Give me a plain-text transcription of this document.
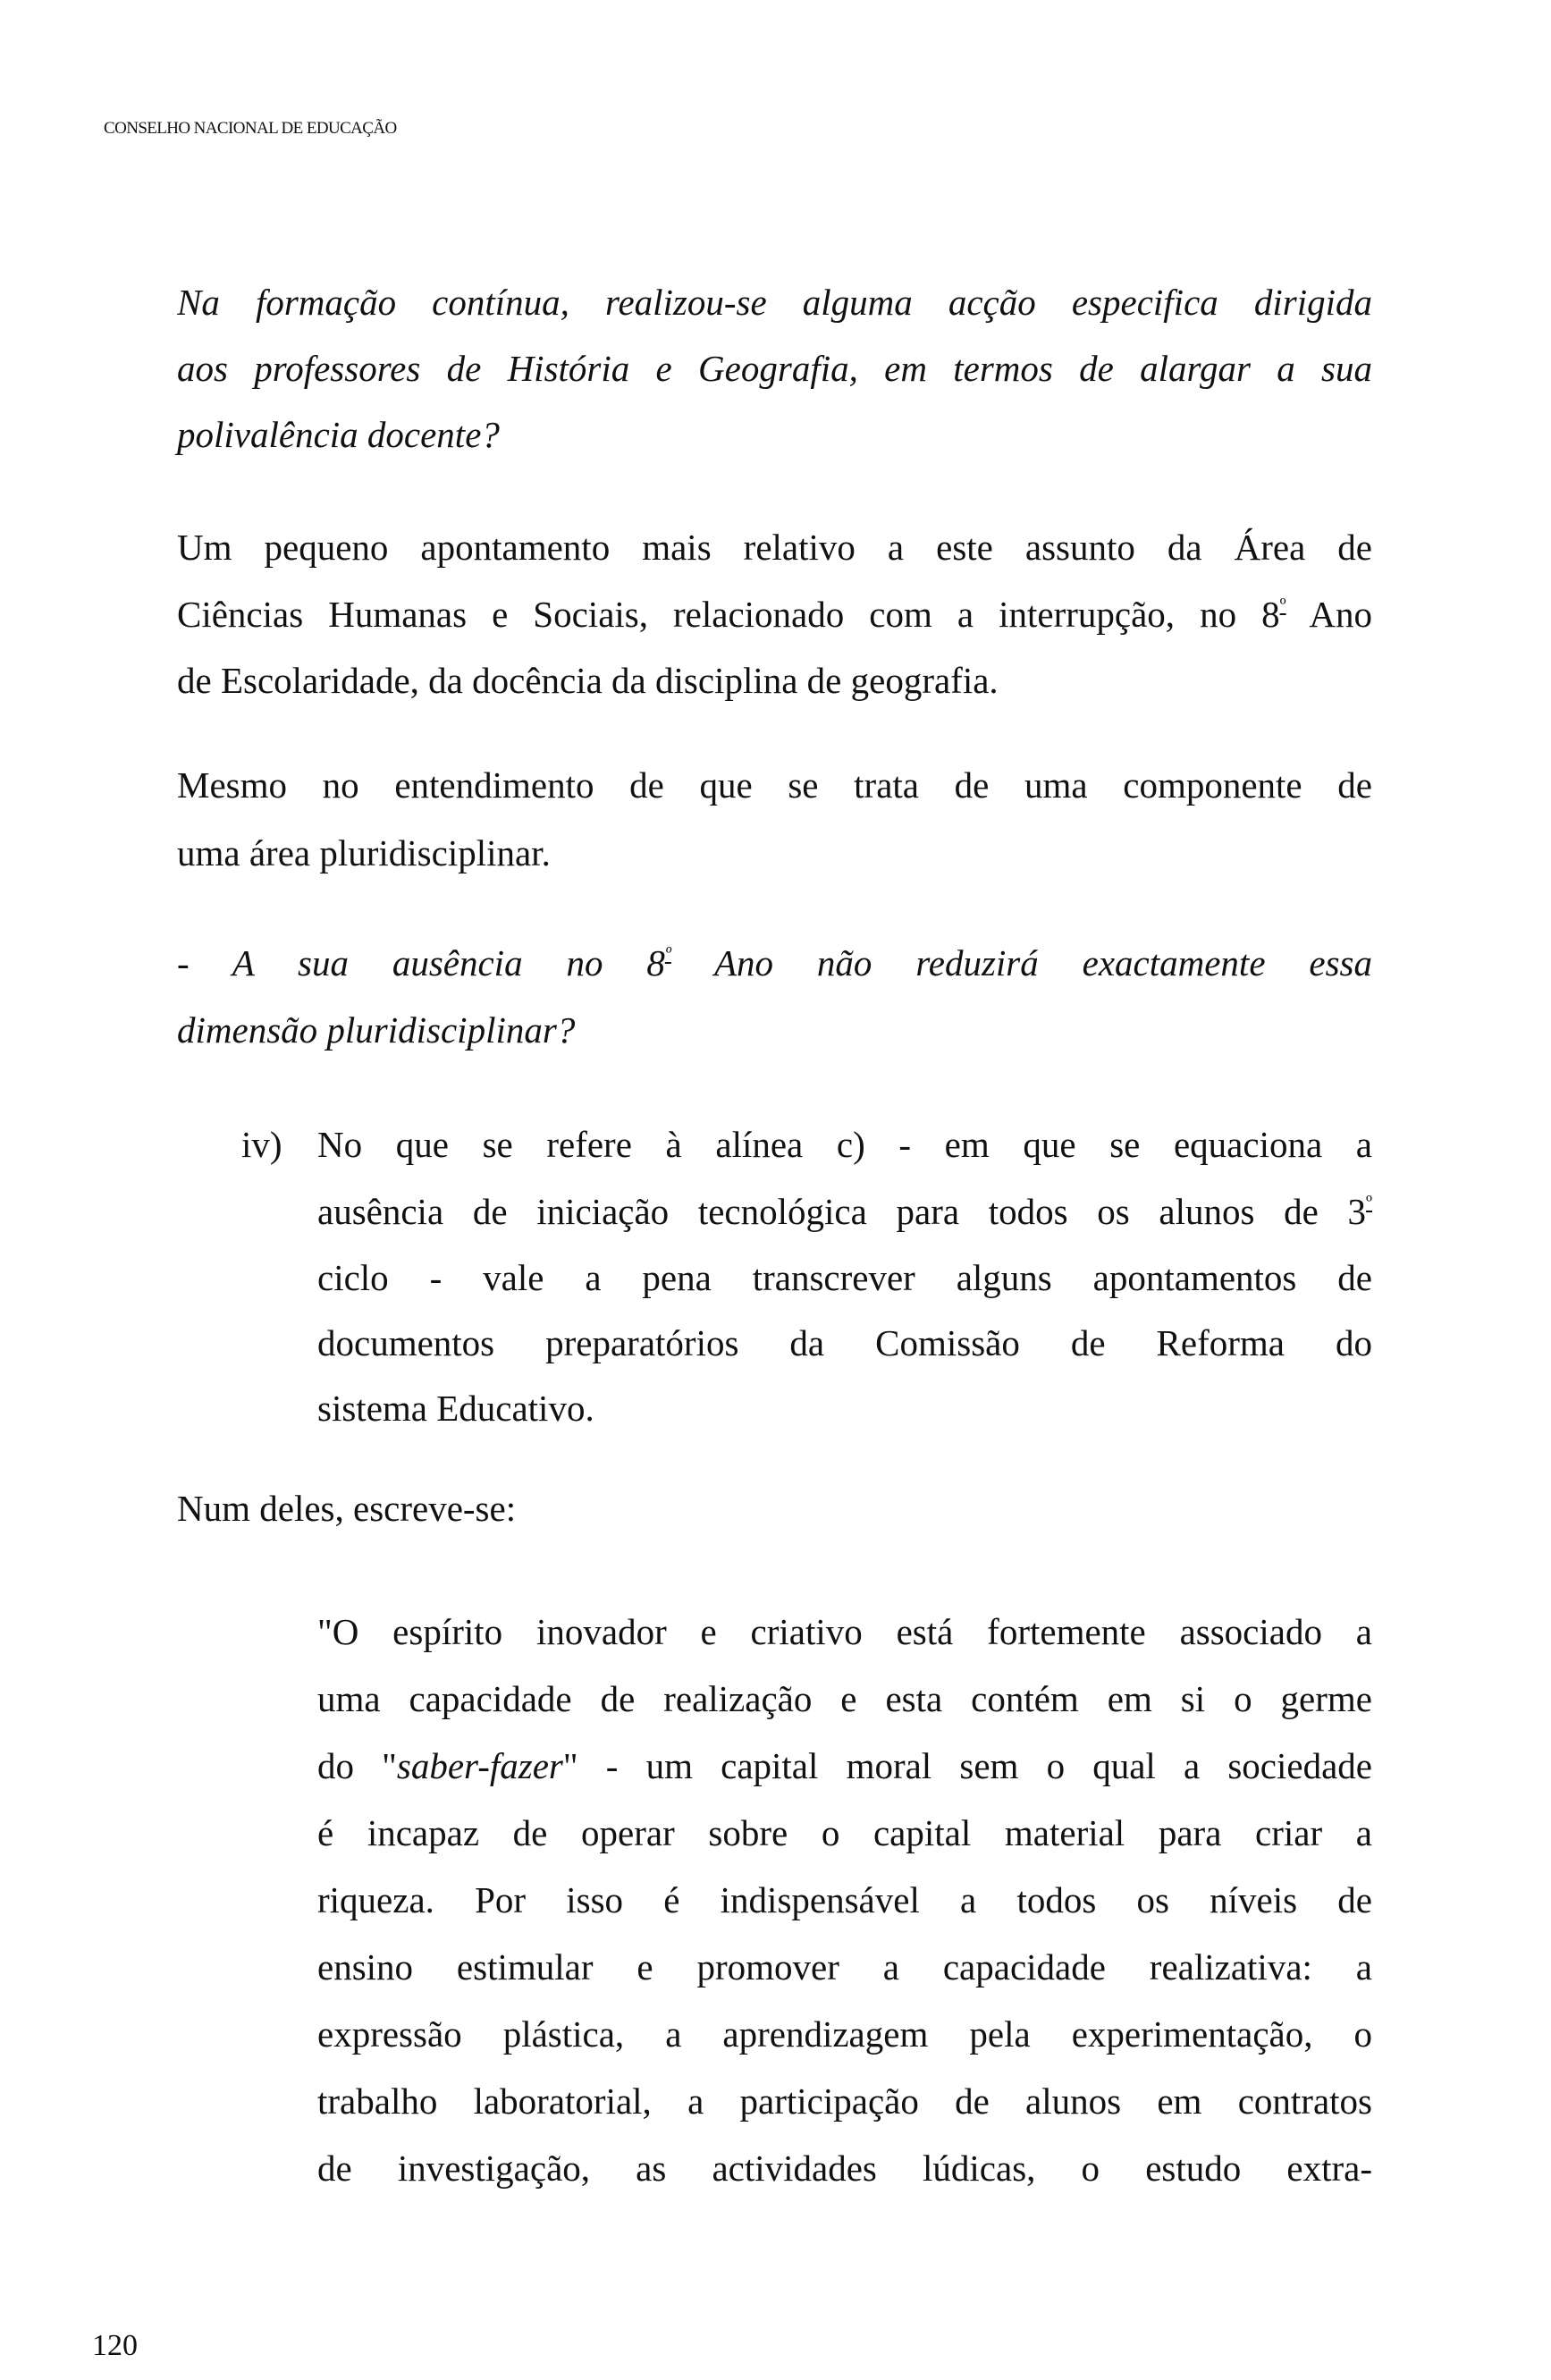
CONSELHO NACIONAL DE EDUCAÇÃO
Na formação contínua, realizou-se alguma acção especifica dirigida
aos professores de História e Geografia, em termos de alargar a sua
polivalência docente?
Um pequeno apontamento mais relativo a este assunto da Área de
Ciências Humanas e Sociais, relacionado com a interrupção, no $8^º$ Ano
de Escolaridade, da docência da disciplina de geografia.
Mesmo no entendimento de que se trata de uma componente de
uma área pluridisciplinar.
- A sua ausência no $8^º$ Ano não reduzirá exactamente essa
dimensão pluridisciplinar?
iv) No que se refere à alínea c) - em que se equaciona a
ausência de iniciação tecnológica para todos os alunos de $3^º$
ciclo - vale a pena transcrever alguns apontamentos de
documentos preparatórios da Comissão de Reforma do
sistema Educativo.
Num deles, escreve-se:
"O espírito inovador e criativo está fortemente associado a
uma capacidade de realização e esta contém em si o germe
do "saber-fazer" - um capital moral sem o qual a sociedade
é incapaz de operar sobre o capital material para criar a
riqueza. Por isso é indispensável a todos os níveis de
ensino estimular e promover a capacidade realizativa: a
expressão plástica, a aprendizagem pela experimentação, o
trabalho laboratorial, a participação de alunos em contratos
de investigação, as actividades lúdicas, o estudo extra-
120
